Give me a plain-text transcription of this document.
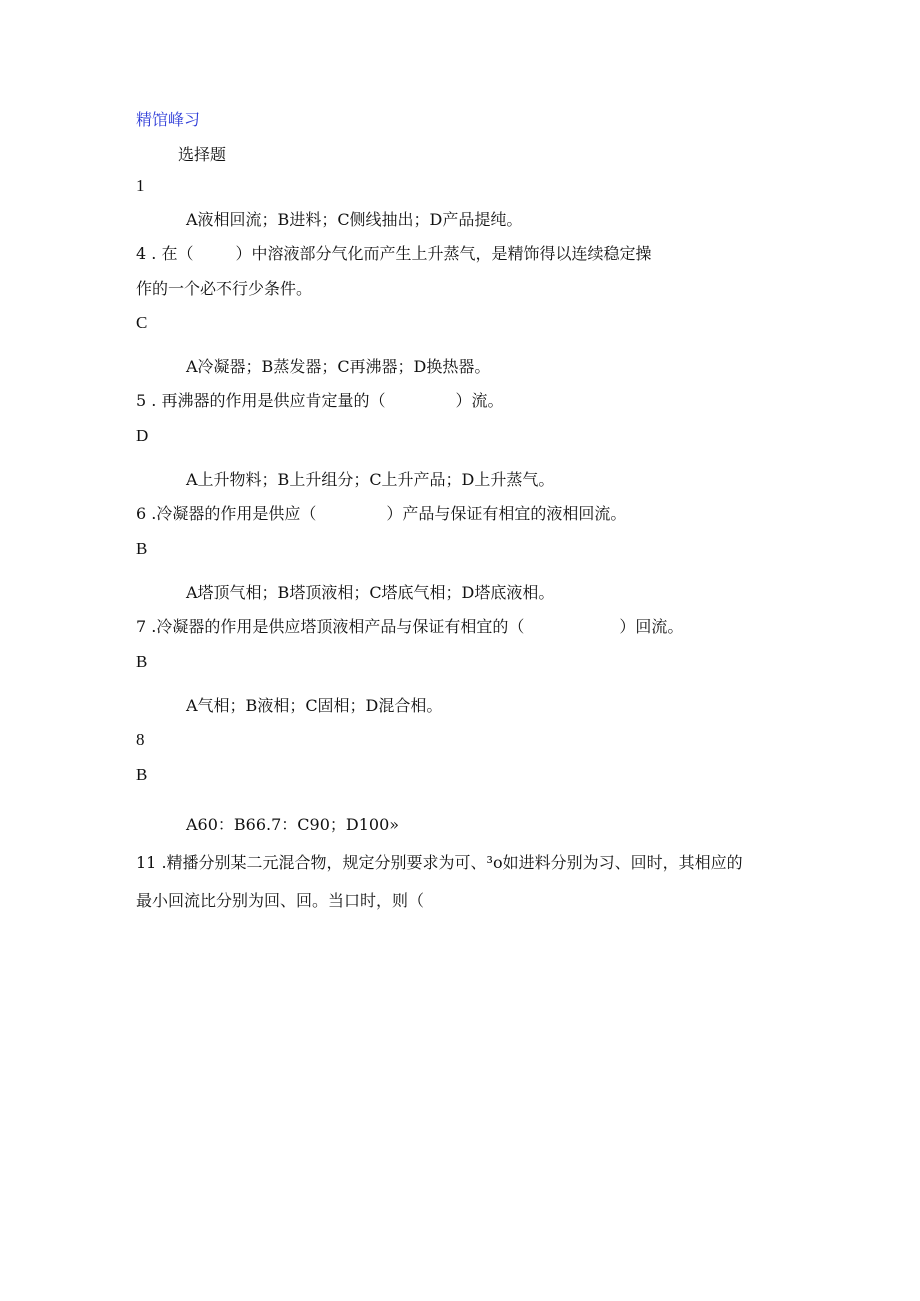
精馆峰习
选择题
1
A液相回流；B进料；C侧线抽出；D产品提纯。
4 . 在（	）中溶液部分气化而产生上升蒸气，是精饰得以连续稳定操
作的一个必不行少条件。
C
A冷凝器；B蒸发器；C再沸器；D换热器。
5 . 再沸器的作用是供应肯定量的（	）流。
D
A上升物料；B上升组分；C上升产品；D上升蒸气。
6 .冷凝器的作用是供应（	）产品与保证有相宜的液相回流。
B
A塔顶气相；B塔顶液相；C塔底气相；D塔底液相。
7 .冷凝器的作用是供应塔顶液相产品与保证有相宜的（	）回流。
B
A气相；B液相；C固相；D混合相。
8
B
A60：B66.7：C90；D100»
11 .精播分别某二元混合物，规定分别要求为可、³o如进料分别为习、回时，其相应的
最小回流比分别为回、回。当口时，则（
